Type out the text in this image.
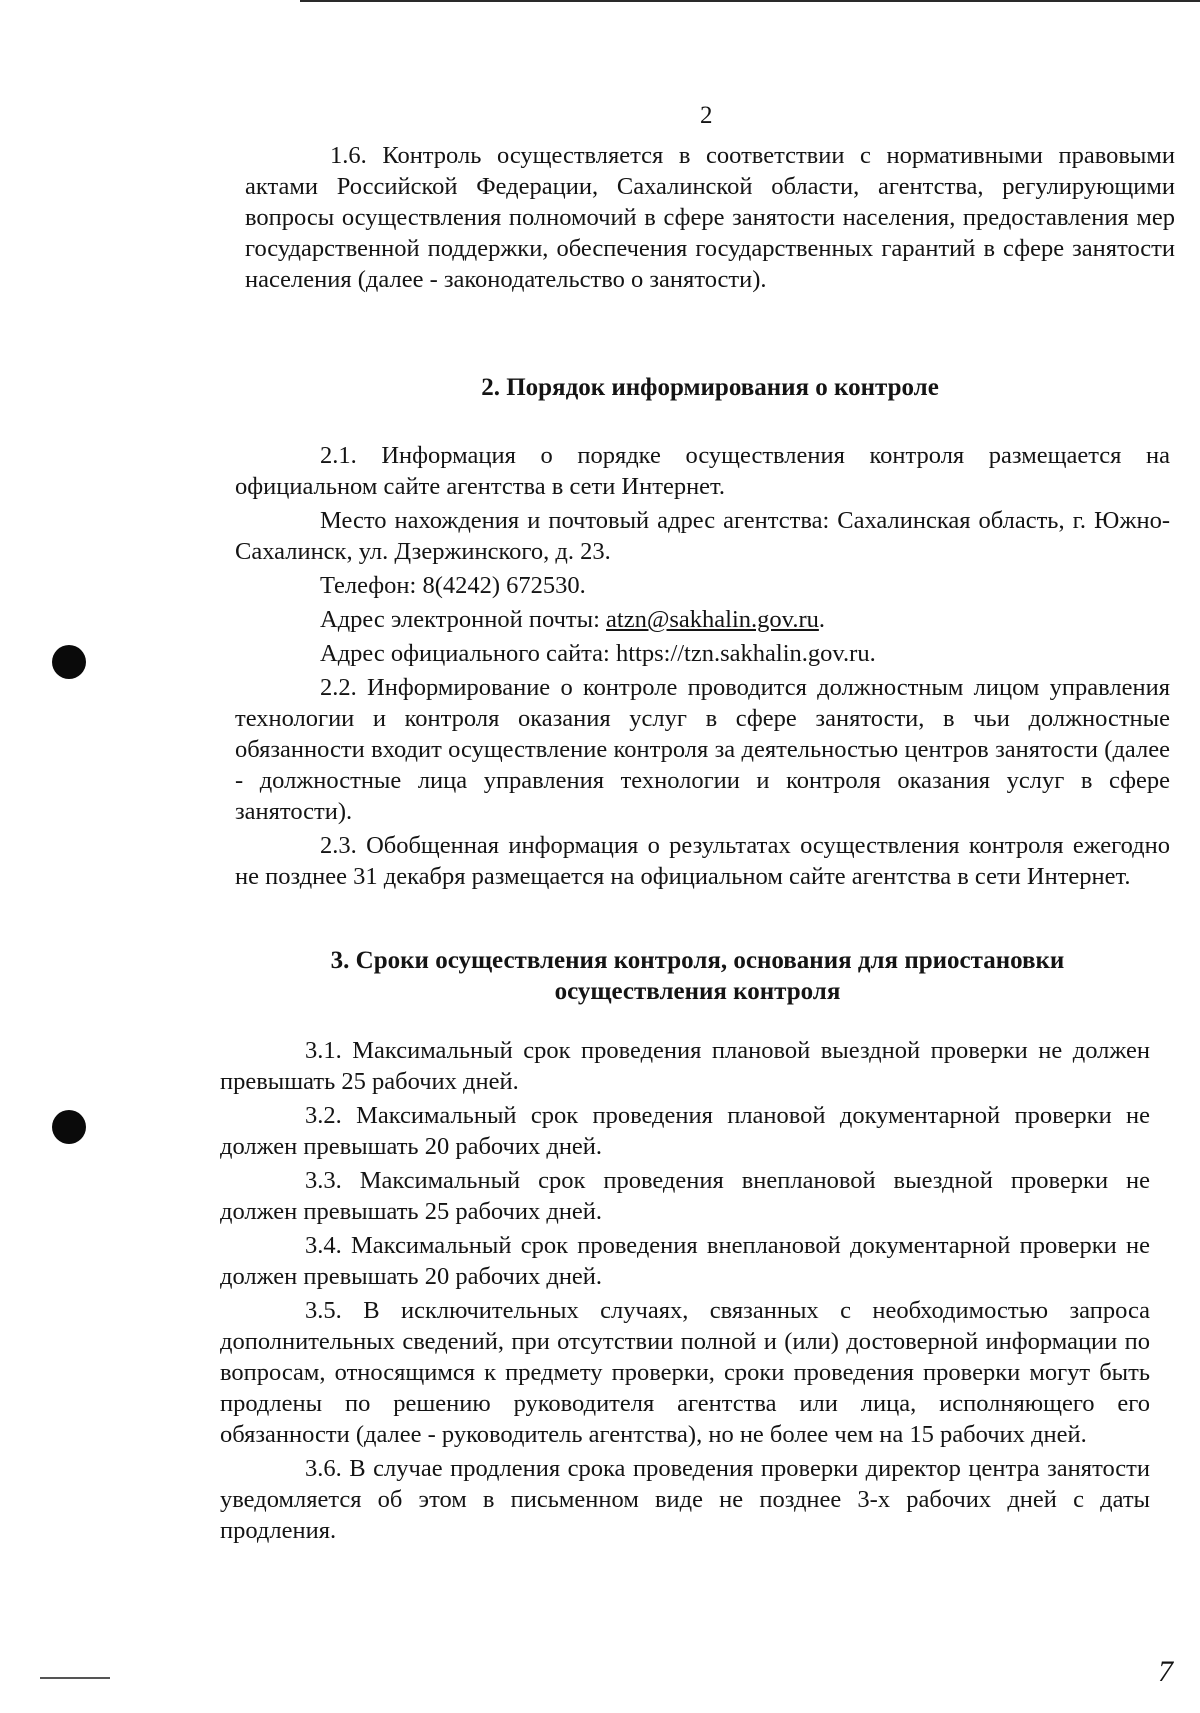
2

1.6. Контроль осуществляется в соответствии с нормативными правовыми актами Российской Федерации, Сахалинской области, агентства, регулирующими вопросы осуществления полномочий в сфере занятости населения, предоставления мер государственной поддержки, обеспечения государственных гарантий в сфере занятости населения (далее - законодательство о занятости).

2. Порядок информирования о контроле

2.1. Информация о порядке осуществления контроля размещается на официальном сайте агентства в сети Интернет.

Место нахождения и почтовый адрес агентства: Сахалинская область, г. Южно-Сахалинск, ул. Дзержинского, д. 23.

Телефон: 8(4242) 672530.

Адрес электронной почты: atzn@sakhalin.gov.ru.

Адрес официального сайта: https://tzn.sakhalin.gov.ru.

2.2. Информирование о контроле проводится должностным лицом управления технологии и контроля оказания услуг в сфере занятости, в чьи должностные обязанности входит осуществление контроля за деятельностью центров занятости (далее - должностные лица управления технологии и контроля оказания услуг в сфере занятости).

2.3. Обобщенная информация о результатах осуществления контроля ежегодно не позднее 31 декабря размещается на официальном сайте агентства в сети Интернет.

3. Сроки осуществления контроля, основания для приостановки
осуществления контроля

3.1. Максимальный срок проведения плановой выездной проверки не должен превышать 25 рабочих дней.

3.2. Максимальный срок проведения плановой документарной проверки не должен превышать 20 рабочих дней.

3.3. Максимальный срок проведения внеплановой выездной проверки не должен превышать 25 рабочих дней.

3.4. Максимальный срок проведения внеплановой документарной проверки не должен превышать 20 рабочих дней.

3.5. В исключительных случаях, связанных с необходимостью запроса дополнительных сведений, при отсутствии полной и (или) достоверной информации по вопросам, относящимся к предмету проверки, сроки проведения проверки могут быть продлены по решению руководителя агентства или лица, исполняющего его обязанности (далее - руководитель агентства), но не более чем на 15 рабочих дней.

3.6. В случае продления срока проведения проверки директор центра занятости уведомляется об этом в письменном виде не позднее 3-х рабочих дней с даты продления.

7
